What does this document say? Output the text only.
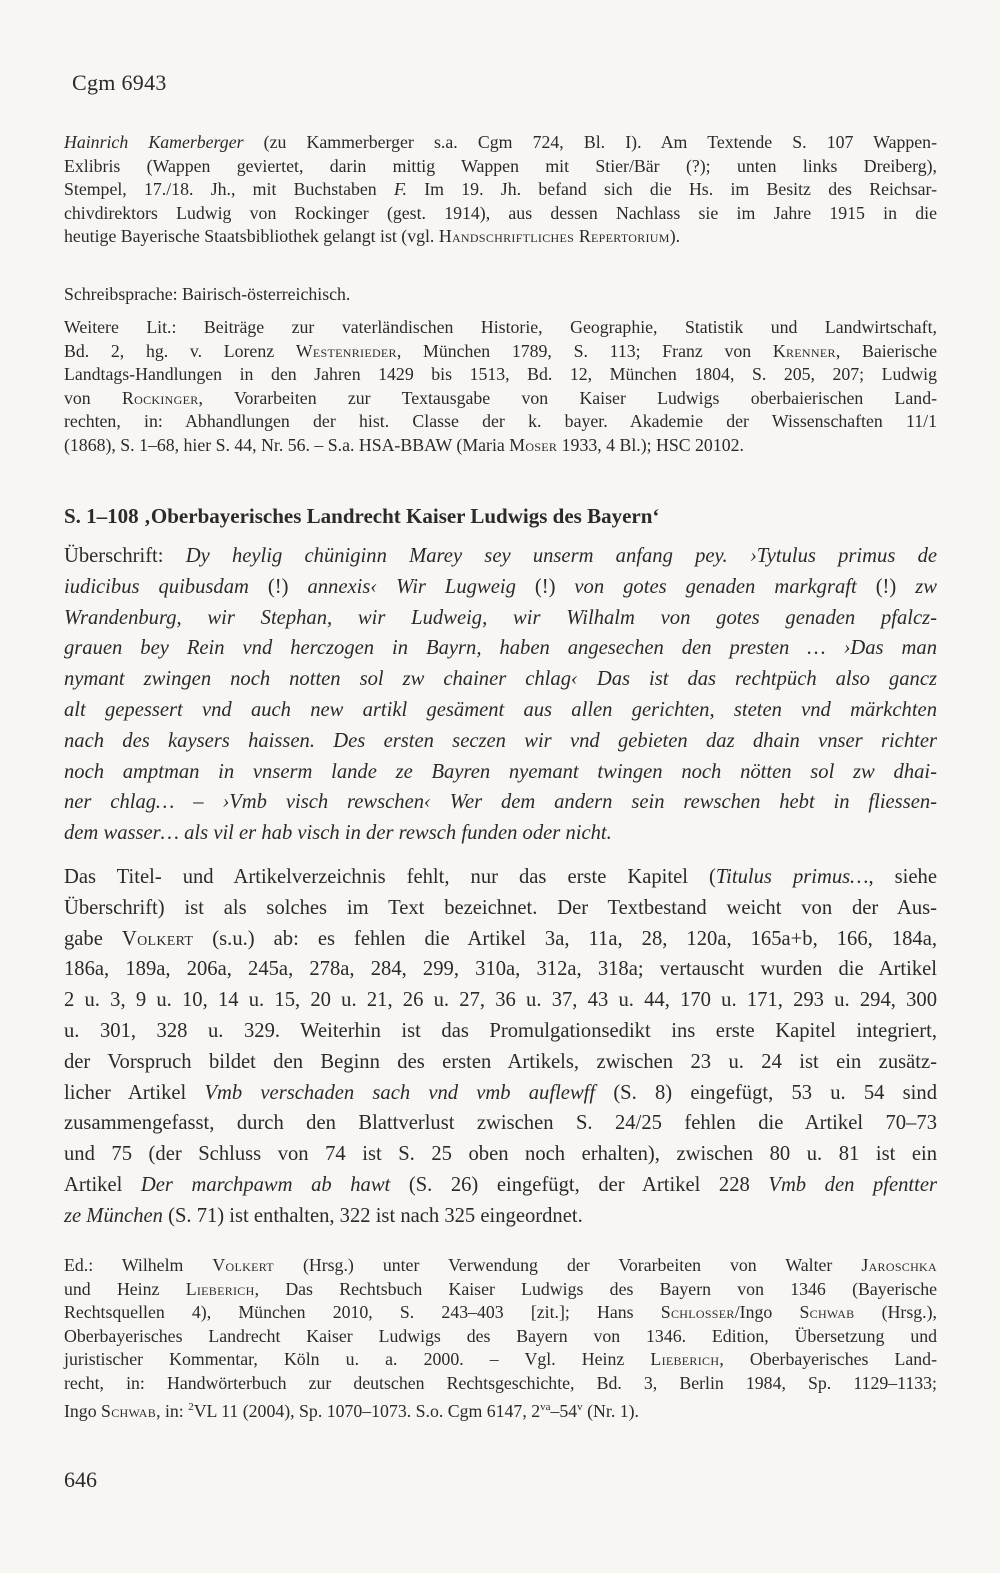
Cgm 6943
Hainrich Kamerberger (zu Kammerberger s.a. Cgm 724, Bl. I). Am Textende S. 107 Wappen-
Exlibris (Wappen geviertet, darin mittig Wappen mit Stier/Bär (?); unten links Dreiberg),
Stempel, 17./18. Jh., mit Buchstaben F. Im 19. Jh. befand sich die Hs. im Besitz des Reichsar-
chivdirektors Ludwig von Rockinger (gest. 1914), aus dessen Nachlass sie im Jahre 1915 in die
heutige Bayerische Staatsbibliothek gelangt ist (vgl. Handschriftliches Repertorium).
Schreibsprache: Bairisch-österreichisch.
Weitere Lit.: Beiträge zur vaterländischen Historie, Geographie, Statistik und Landwirtschaft,
Bd. 2, hg. v. Lorenz Westenrieder, München 1789, S. 113; Franz von Krenner, Baierische
Landtags-Handlungen in den Jahren 1429 bis 1513, Bd. 12, München 1804, S. 205, 207; Ludwig
von Rockinger, Vorarbeiten zur Textausgabe von Kaiser Ludwigs oberbaierischen Land-
rechten, in: Abhandlungen der hist. Classe der k. bayer. Akademie der Wissenschaften 11/1
(1868), S. 1–68, hier S. 44, Nr. 56. – S.a. HSA-BBAW (Maria Moser 1933, 4 Bl.); HSC 20102.
S. 1–108 ‚Oberbayerisches Landrecht Kaiser Ludwigs des Bayern‘
Überschrift: Dy heylig chüniginn Marey sey unserm anfang pey. ›Tytulus primus de
iudicibus quibusdam (!) annexis‹ Wir Lugweig (!) von gotes genaden markgraft (!) zw
Wrandenburg, wir Stephan, wir Ludweig, wir Wilhalm von gotes genaden pfalcz-
grauen bey Rein vnd herczogen in Bayrn, haben angesechen den presten … ›Das man
nymant zwingen noch notten sol zw chainer chlag‹ Das ist das rechtpüch also gancz
alt gepessert vnd auch new artikl gesäment aus allen gerichten, steten vnd märkchten
nach des kaysers haissen. Des ersten seczen wir vnd gebieten daz dhain vnser richter
noch amptman in vnserm lande ze Bayren nyemant twingen noch nötten sol zw dhai-
ner chlag… – ›Vmb visch rewschen‹ Wer dem andern sein rewschen hebt in fliessen-
dem wasser… als vil er hab visch in der rewsch funden oder nicht.
Das Titel- und Artikelverzeichnis fehlt, nur das erste Kapitel (Titulus primus…, siehe
Überschrift) ist als solches im Text bezeichnet. Der Textbestand weicht von der Aus-
gabe Volkert (s.u.) ab: es fehlen die Artikel 3a, 11a, 28, 120a, 165a+b, 166, 184a,
186a, 189a, 206a, 245a, 278a, 284, 299, 310a, 312a, 318a; vertauscht wurden die Artikel
2 u. 3, 9 u. 10, 14 u. 15, 20 u. 21, 26 u. 27, 36 u. 37, 43 u. 44, 170 u. 171, 293 u. 294, 300
u. 301, 328 u. 329. Weiterhin ist das Promulgationsedikt ins erste Kapitel integriert,
der Vorspruch bildet den Beginn des ersten Artikels, zwischen 23 u. 24 ist ein zusätz-
licher Artikel Vmb verschaden sach vnd vmb auflewff (S. 8) eingefügt, 53 u. 54 sind
zusammengefasst, durch den Blattverlust zwischen S. 24/25 fehlen die Artikel 70–73
und 75 (der Schluss von 74 ist S. 25 oben noch erhalten), zwischen 80 u. 81 ist ein
Artikel Der marchpawm ab hawt (S. 26) eingefügt, der Artikel 228 Vmb den pfentter
ze München (S. 71) ist enthalten, 322 ist nach 325 eingeordnet.
Ed.: Wilhelm Volkert (Hrsg.) unter Verwendung der Vorarbeiten von Walter Jaroschka
und Heinz Lieberich, Das Rechtsbuch Kaiser Ludwigs des Bayern von 1346 (Bayerische
Rechtsquellen 4), München 2010, S. 243–403 [zit.]; Hans Schlosser/Ingo Schwab (Hrsg.),
Oberbayerisches Landrecht Kaiser Ludwigs des Bayern von 1346. Edition, Übersetzung und
juristischer Kommentar, Köln u. a. 2000. – Vgl. Heinz Lieberich, Oberbayerisches Land-
recht, in: Handwörterbuch zur deutschen Rechtsgeschichte, Bd. 3, Berlin 1984, Sp. 1129–1133;
Ingo Schwab, in: $^2$VL 11 (2004), Sp. 1070–1073. S.o. Cgm 6147, $2^{va}-54^v$ (Nr. 1).
646
